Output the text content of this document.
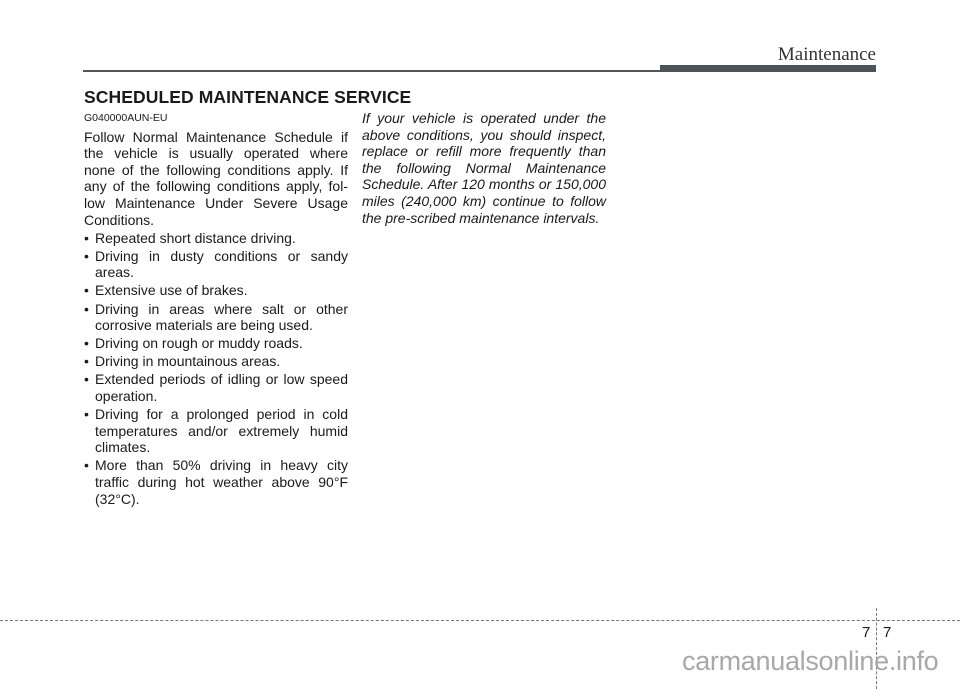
Maintenance
SCHEDULED MAINTENANCE SERVICE
G040000AUN-EU
Follow Normal Maintenance Schedule if the vehicle is usually operated where none of the following conditions apply. If any of the following conditions apply, fol-low Maintenance Under Severe Usage Conditions.
• Repeated short distance driving.
• Driving in dusty conditions or sandy areas.
• Extensive use of brakes.
• Driving in areas where salt or other corrosive materials are being used.
• Driving on rough or muddy roads.
• Driving in mountainous areas.
• Extended periods of idling or low speed operation.
• Driving for a prolonged period in cold temperatures and/or extremely humid climates.
• More than 50% driving in heavy city traffic during hot weather above 90°F (32°C).
If your vehicle is operated under the above conditions, you should inspect, replace or refill more frequently than the following Normal Maintenance Schedule. After 120 months or 150,000 miles (240,000 km) continue to follow the pre-scribed maintenance intervals.
7 7
carmanualsonline.info
